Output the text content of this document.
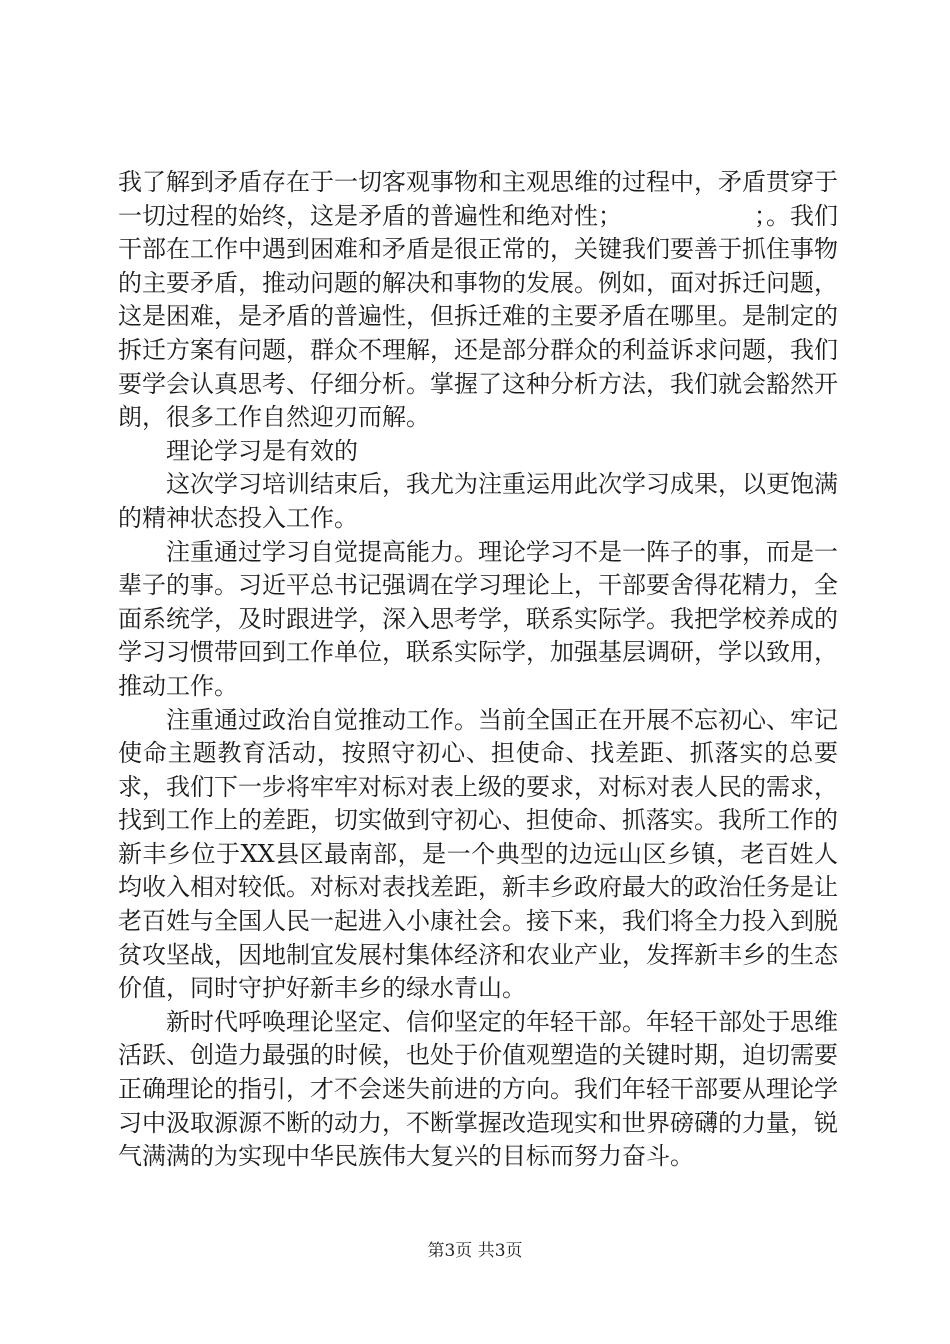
我了解到矛盾存在于一切客观事物和主观思维的过程中，矛盾贯穿于一切过程的始终，这是矛盾的普遍性和绝对性；　　　　　　；。我们干部在工作中遇到困难和矛盾是很正常的，关键我们要善于抓住事物的主要矛盾，推动问题的解决和事物的发展。例如，面对拆迁问题，这是困难，是矛盾的普遍性，但拆迁难的主要矛盾在哪里。是制定的拆迁方案有问题，群众不理解，还是部分群众的利益诉求问题，我们要学会认真思考、仔细分析。掌握了这种分析方法，我们就会豁然开朗，很多工作自然迎刃而解。

理论学习是有效的

这次学习培训结束后，我尤为注重运用此次学习成果，以更饱满的精神状态投入工作。

注重通过学习自觉提高能力。理论学习不是一阵子的事，而是一辈子的事。习近平总书记强调在学习理论上，干部要舍得花精力，全面系统学，及时跟进学，深入思考学，联系实际学。我把学校养成的学习习惯带回到工作单位，联系实际学，加强基层调研，学以致用，推动工作。

注重通过政治自觉推动工作。当前全国正在开展不忘初心、牢记使命主题教育活动，按照守初心、担使命、找差距、抓落实的总要求，我们下一步将牢牢对标对表上级的要求，对标对表人民的需求，找到工作上的差距，切实做到守初心、担使命、抓落实。我所工作的新丰乡位于XX县区最南部，是一个典型的边远山区乡镇，老百姓人均收入相对较低。对标对表找差距，新丰乡政府最大的政治任务是让老百姓与全国人民一起进入小康社会。接下来，我们将全力投入到脱贫攻坚战，因地制宜发展村集体经济和农业产业，发挥新丰乡的生态价值，同时守护好新丰乡的绿水青山。

新时代呼唤理论坚定、信仰坚定的年轻干部。年轻干部处于思维活跃、创造力最强的时候，也处于价值观塑造的关键时期，迫切需要正确理论的指引，才不会迷失前进的方向。我们年轻干部要从理论学习中汲取源源不断的动力，不断掌握改造现实和世界磅礴的力量，锐气满满的为实现中华民族伟大复兴的目标而努力奋斗。

第3页 共3页
